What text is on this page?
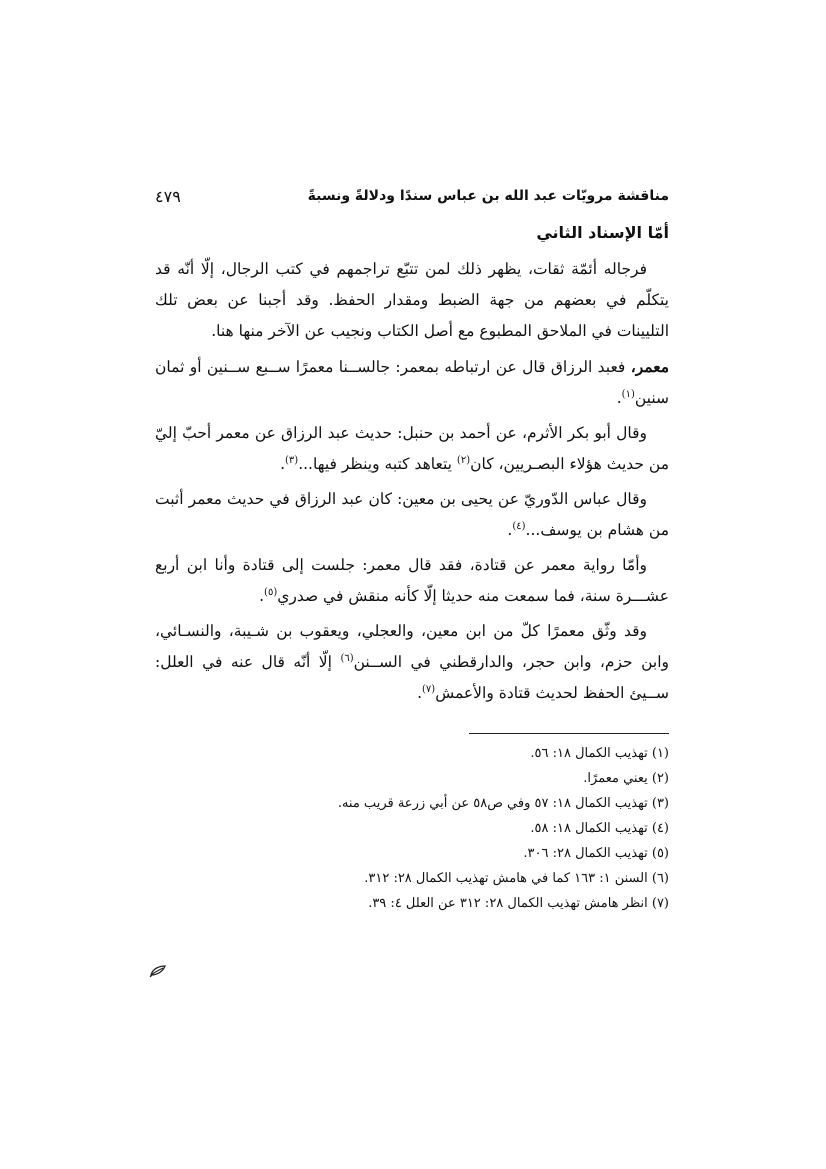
مناقشة مرويّات عبد الله بن عباس سندًا ودلالةً ونسبةً
٤٧٩
أمّا الإسناد الثاني

فرجاله أئمّة ثقات، يظهر ذلك لمن تتبّع تراجمهم في كتب الرجال، إلّا أنّه قد يتكلّم في بعضهم من جهة الضبط ومقدار الحفظ. وقد أجبنا عن بعض تلك التليينات في الملاحق المطبوع مع أصل الكتاب ونجيب عن الآخر منها هنا.

معمر، فعبد الرزاق قال عن ارتباطه بمعمر: جالســنا معمرًا ســبع ســنين أو ثمان سنين$^{(١)}$.

وقال أبو بكر الأثرم، عن أحمد بن حنبل: حديث عبد الرزاق عن معمر أحبّ إليّ من حديث هؤلاء البصـريين، كان$^{(٢)}$ يتعاهد كتبه وينظر فيها...$^{(٣)}$.

وقال عباس الدّوريّ عن يحيى بن معين: كان عبد الرزاق في حديث معمر أثبت من هشام بن يوسف...$^{(٤)}$.

وأمّا رواية معمر عن قتادة، فقد قال معمر: جلست إلى قتادة وأنا ابن أربع عشـــرة سنة، فما سمعت منه حديثا إلّا كأنه منقش في صدري$^{(٥)}$.

وقد وثّق معمرًا كلّ من ابن معين، والعجلي، ويعقوب بن شـيبة، والنسـائي، وابن حزم، وابن حجر، والدارقطني في الســنن$^{(٦)}$ إلّا أنّه قال عنه في العلل: ســيئ الحفظ لحديث قتادة والأعمش$^{(٧)}$.

(١) تهذيب الكمال ١٨: ٥٦.
(٢) يعني معمرًا.
(٣) تهذيب الكمال ١٨: ٥٧ وفي ص٥٨ عن أبي زرعة قريب منه.
(٤) تهذيب الكمال ١٨: ٥٨.
(٥) تهذيب الكمال ٢٨: ٣٠٦.
(٦) السنن ١: ١٦٣ كما في هامش تهذيب الكمال ٢٨: ٣١٢.
(٧) انظر هامش تهذيب الكمال ٢٨: ٣١٢ عن العلل ٤: ٣٩.
